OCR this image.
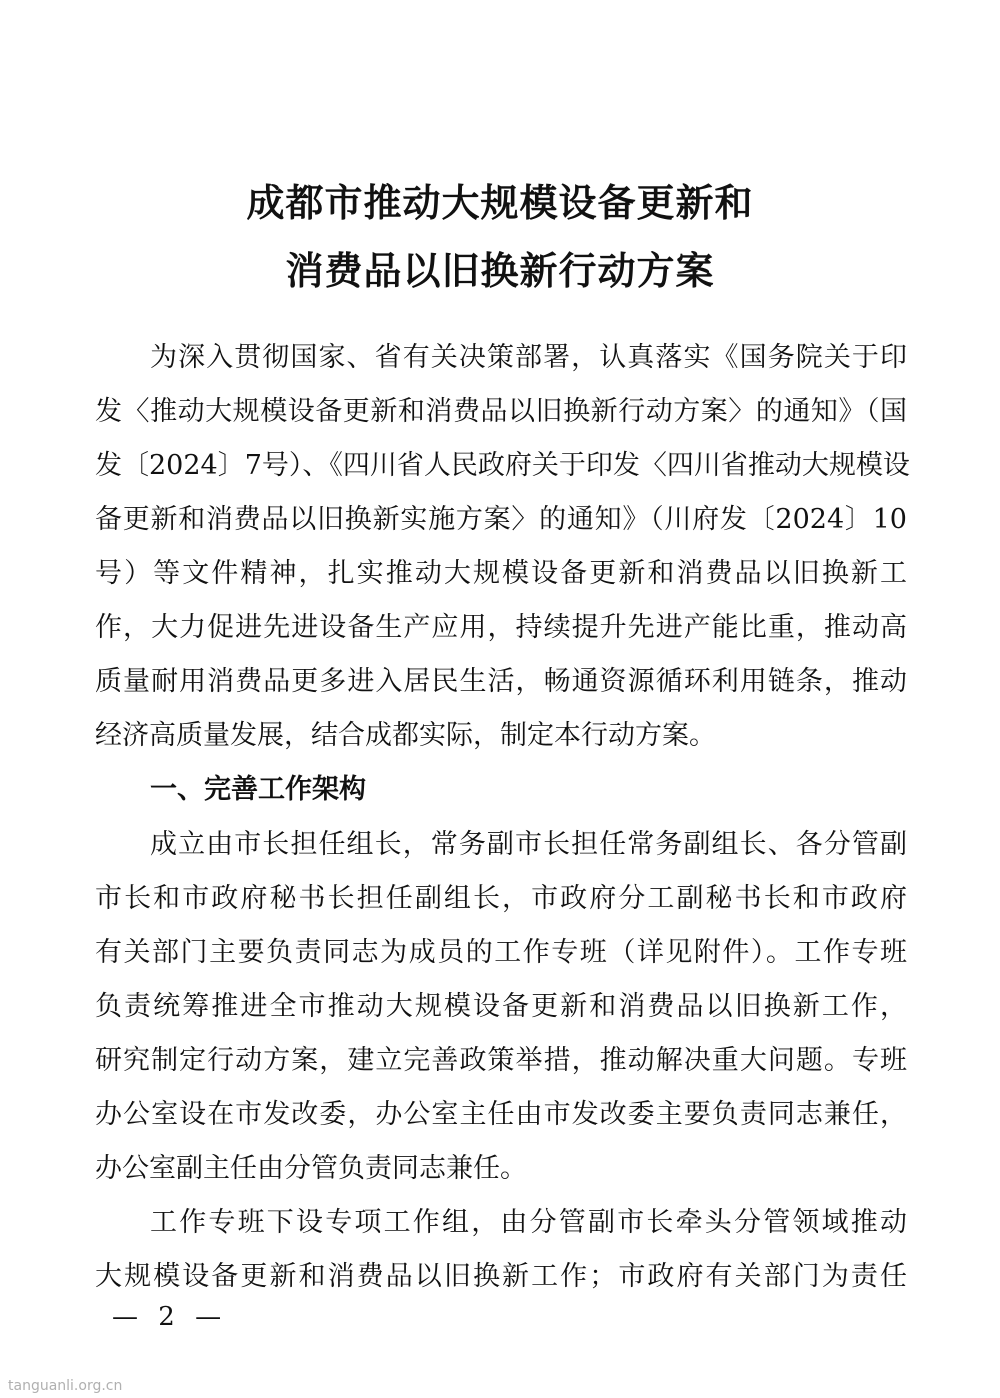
成都市推动大规模设备更新和
消费品以旧换新行动方案
为深入贯彻国家、省有关决策部署，认真落实《国务院关于印
发〈推动大规模设备更新和消费品以旧换新行动方案〉的通知》（国
发〔2024〕7号）、《四川省人民政府关于印发〈四川省推动大规模设
备更新和消费品以旧换新实施方案〉的通知》（川府发〔2024〕10
号）等文件精神，扎实推动大规模设备更新和消费品以旧换新工
作，大力促进先进设备生产应用，持续提升先进产能比重，推动高
质量耐用消费品更多进入居民生活，畅通资源循环利用链条，推动
经济高质量发展，结合成都实际，制定本行动方案。
一、完善工作架构
成立由市长担任组长，常务副市长担任常务副组长、各分管副
市长和市政府秘书长担任副组长，市政府分工副秘书长和市政府
有关部门主要负责同志为成员的工作专班（详见附件）。工作专班
负责统筹推进全市推动大规模设备更新和消费品以旧换新工作，
研究制定行动方案，建立完善政策举措，推动解决重大问题。专班
办公室设在市发改委，办公室主任由市发改委主要负责同志兼任，
办公室副主任由分管负责同志兼任。
工作专班下设专项工作组，由分管副市长牵头分管领域推动
大规模设备更新和消费品以旧换新工作；市政府有关部门为责任
— 2 —
tanguanli.org.cn
